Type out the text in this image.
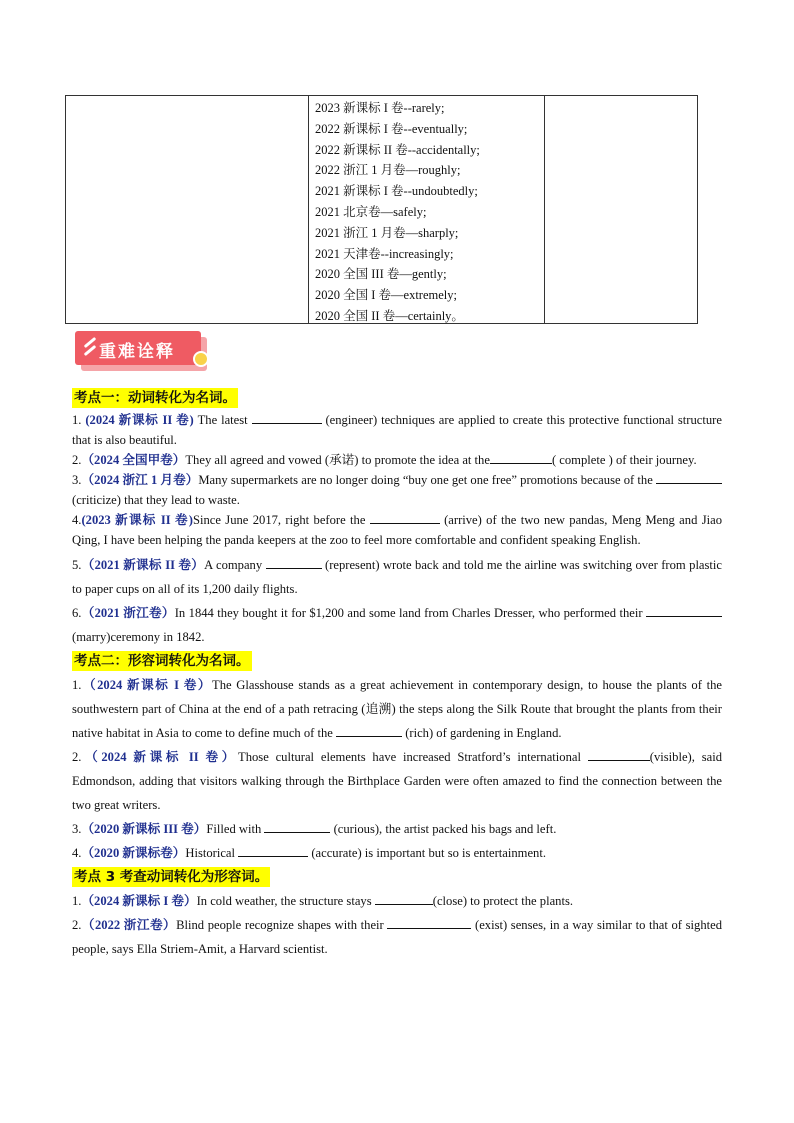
2023 新课标 I 卷--rarely;
2022 新课标 I 卷--eventually;
2022 新课标 II 卷--accidentally;
2022 浙江 1 月卷—roughly;
2021 新课标 I 卷--undoubtedly;
2021 北京卷—safely;
2021 浙江 1 月卷—sharply;
2021 天津卷--increasingly;
2020 全国 III 卷—gently;
2020 全国 I 卷—extremely;
2020 全国 II 卷—certainly。
重难诠释
考点一：动词转化为名词。

1. (2024 新课标 II 卷) The latest	(engineer) techniques are applied to create this protective functional structure that is also beautiful.

2.（2024 全国甲卷）They all agreed and vowed (承诺) to promote the idea at the	( complete ) of their journey.

3.（2024 浙江 1 月卷）Many supermarkets are no longer doing “buy one get one free” promotions because of the  (criticize) that they lead to waste.

4.(2023 新课标 II 卷)Since June 2017, right before the	(arrive) of the two new pandas, Meng Meng and Jiao Qing, I have been helping the panda keepers at the zoo to feel more comfortable and confident speaking English.

5.（2021 新课标 II 卷）A company	(represent) wrote back and told me the airline was switching over from plastic to paper cups on all of its 1,200 daily flights.

6.（2021 浙江卷）In 1844 they bought it for $1,200 and some land from Charles Dresser, who performed their  (marry)ceremony in 1842.

考点二：形容词转化为名词。

1.（2024 新课标 I 卷）The Glasshouse stands as a great achievement in contemporary design, to house the plants of the southwestern part of China at the end of a path retracing (追溯) the steps along the Silk Route that brought the plants from their native habitat in Asia to come to define much of the	(rich) of gardening in England.

2.（2024 新课标 II 卷）Those cultural elements have increased Stratford’s international	(visible), said Edmondson, adding that visitors walking through the Birthplace Garden were often amazed to find the connection between the two great writers.

3.（2020 新课标 III 卷）Filled with	(curious), the artist packed his bags and left.

4.（2020 新课标卷）Historical	(accurate) is important but so is entertainment.

考点 3 考查动词转化为形容词。

1.（2024 新课标 I 卷）In cold weather, the structure stays	(close) to protect the plants.

2.（2022 浙江卷）Blind people recognize shapes with their	(exist) senses, in a way similar to that of sighted people, says Ella Striem-Amit, a Harvard scientist.
